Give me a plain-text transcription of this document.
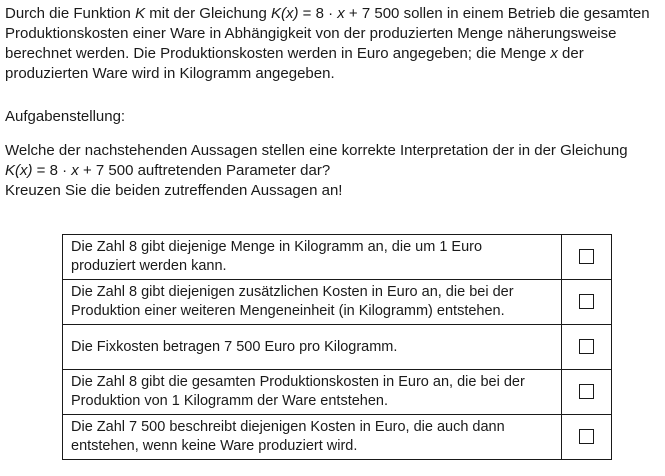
Durch die Funktion K mit der Gleichung K(x) = 8 · x + 7 500 sollen in einem Betrieb die gesamten Produktionskosten einer Ware in Abhängigkeit von der produzierten Menge näherungsweise berechnet werden. Die Produktionskosten werden in Euro angegeben; die Menge x der produzierten Ware wird in Kilogramm angegeben.

Aufgabenstellung:

Welche der nachstehenden Aussagen stellen eine korrekte Interpretation der in der Gleichung

K(x) = 8 · x + 7 500 auftretenden Parameter dar?

Kreuzen Sie die beiden zutreffenden Aussagen an!

Die Zahl 8 gibt diejenige Menge in Kilogramm an, die um 1 Euro
produziert werden kann.	
Die Zahl 8 gibt diejenigen zusätzlichen Kosten in Euro an, die bei der
Produktion einer weiteren Mengeneinheit (in Kilogramm) entstehen.	
Die Fixkosten betragen 7 500 Euro pro Kilogramm.	
Die Zahl 8 gibt die gesamten Produktionskosten in Euro an, die bei der
Produktion von 1 Kilogramm der Ware entstehen.	
Die Zahl 7 500 beschreibt diejenigen Kosten in Euro, die auch dann
entstehen, wenn keine Ware produziert wird.	
